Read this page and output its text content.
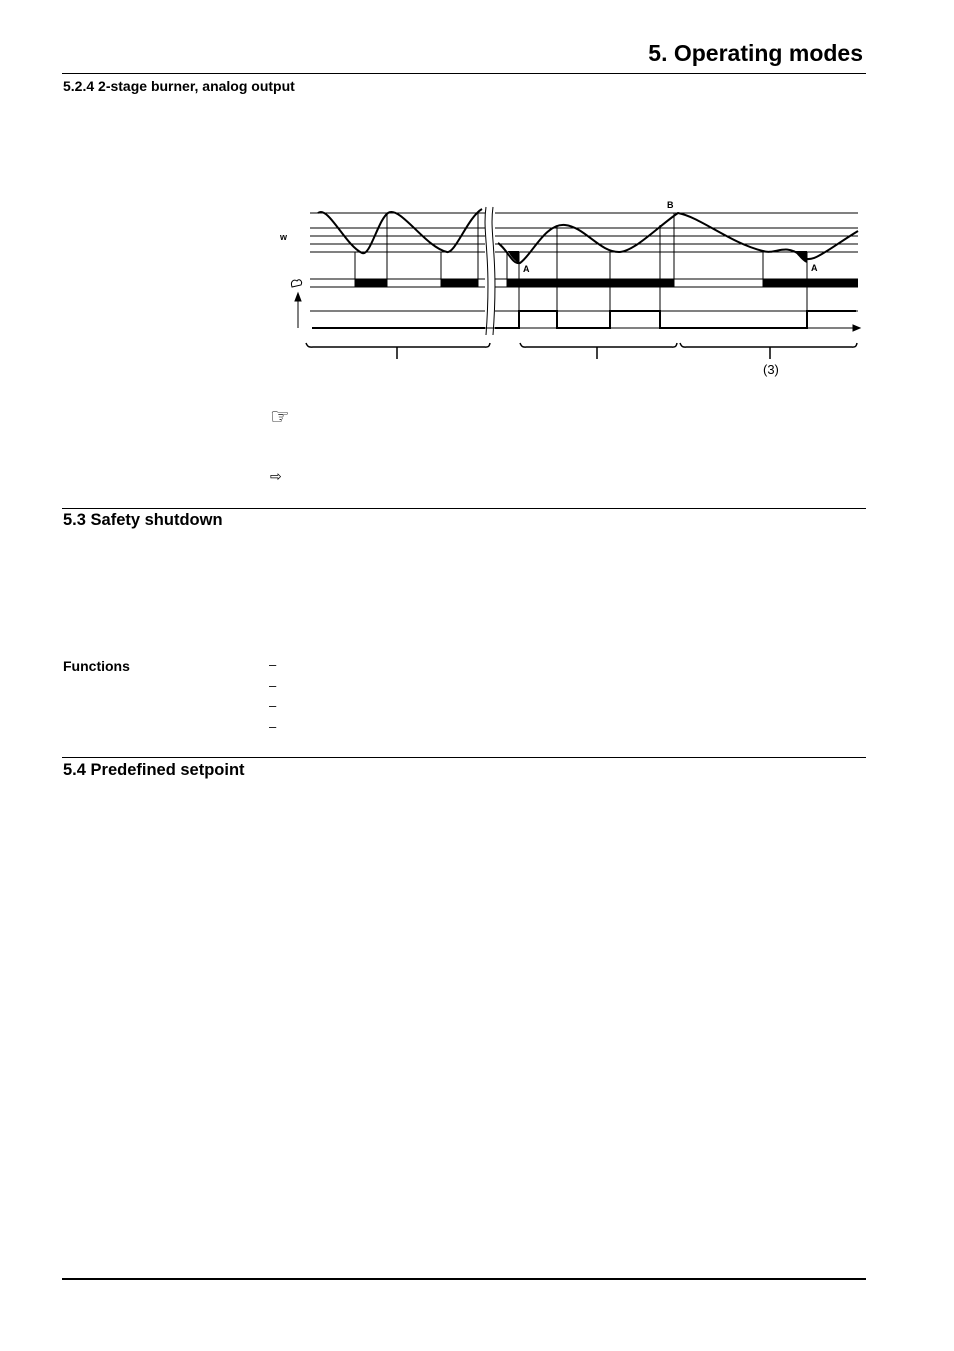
5. Operating modes
5.2.4 2-stage burner, analog output
w
A	A
B
(3)
☞
⇨
5.3 Safety shutdown
Functions	–
–
–
–
5.4 Predefined setpoint
